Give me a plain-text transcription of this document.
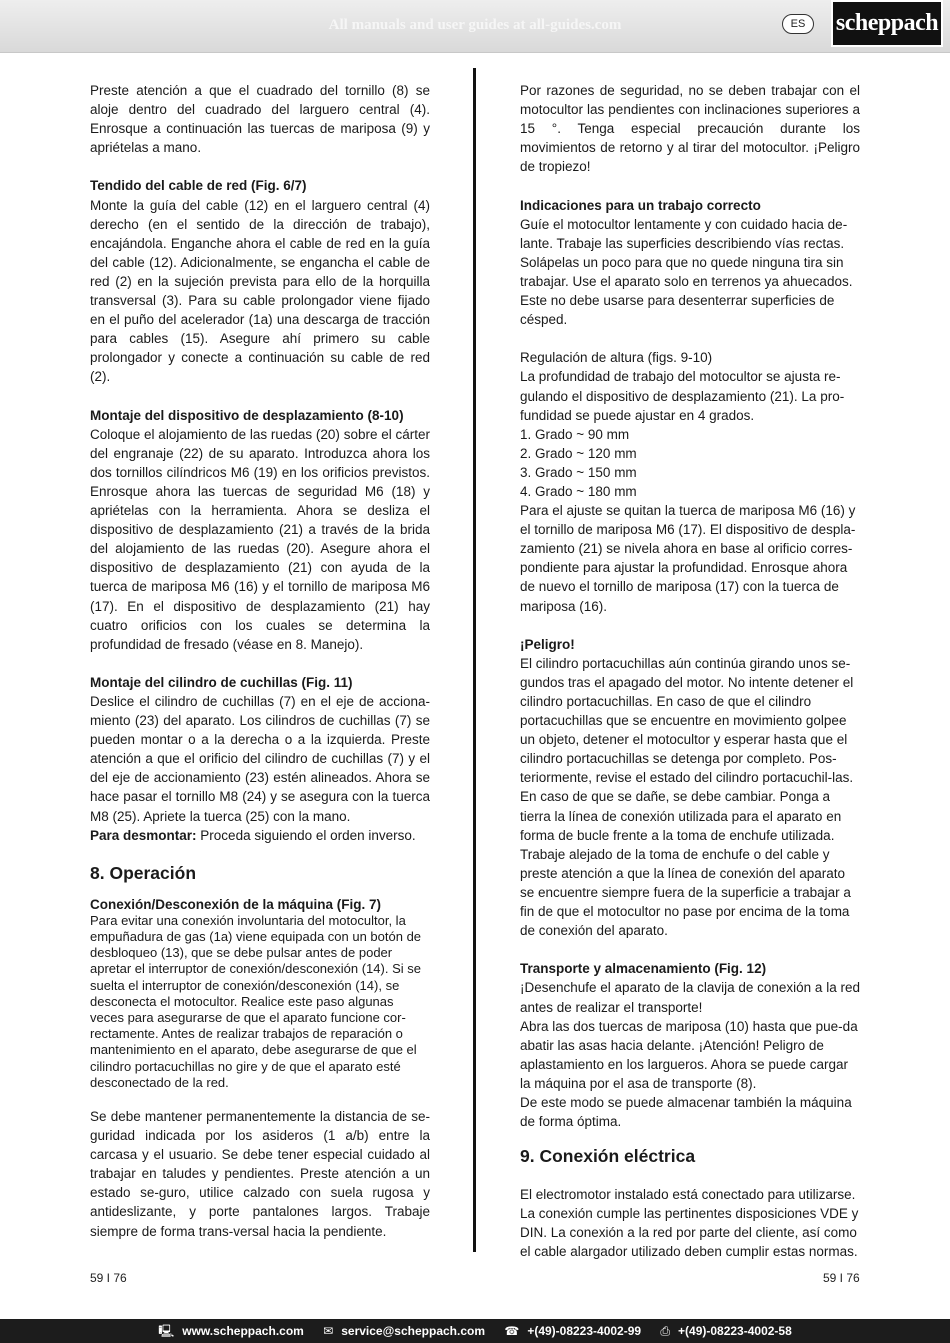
All manuals and user guides at all-guides.com	ES	scheppach

Preste atención a que el cuadrado del tornillo (8) se aloje dentro del cuadrado del larguero central (4). Enrosque a continuación las tuercas de mariposa (9) y apriételas a mano.

Tendido del cable de red (Fig. 6/7)

Monte la guía del cable (12) en el larguero central (4) derecho (en el sentido de la dirección de trabajo), encajándola. Enganche ahora el cable de red en la guía del cable (12). Adicionalmente, se engancha el cable de red (2) en la sujeción prevista para ello de la horquilla transversal (3). Para su cable prolongador viene fijado en el puño del acelerador (1a) una descarga de tracción para cables (15). Asegure ahí primero su cable prolongador y conecte a continuación su cable de red (2).

Montaje del dispositivo de desplazamiento (8-10)

Coloque el alojamiento de las ruedas (20) sobre el cárter del engranaje (22) de su aparato. Introduzca ahora los dos tornillos cilíndricos M6 (19) en los orificios previstos. Enrosque ahora las tuercas de seguridad M6 (18) y apriételas con la herramienta. Ahora se desliza el dispositivo de desplazamiento (21) a través de la brida del alojamiento de las ruedas (20). Asegure ahora el dispositivo de desplazamiento (21) con ayuda de la tuerca de mariposa M6 (16) y el tornillo de mariposa M6 (17). En el dispositivo de desplazamiento (21) hay cuatro orificios con los cuales se determina la profundidad de fresado (véase en 8. Manejo).

Montaje del cilindro de cuchillas (Fig. 11)

Deslice el cilindro de cuchillas (7) en el eje de acciona-miento (23) del aparato. Los cilindros de cuchillas (7) se pueden montar o a la derecha o a la izquierda. Preste atención a que el orificio del cilindro de cuchillas (7) y el del eje de accionamiento (23) estén alineados. Ahora se hace pasar el tornillo M8 (24) y se asegura con la tuerca M8 (25). Apriete la tuerca (25) con la mano.

Para desmontar: Proceda siguiendo el orden inverso.

8. Operación

Conexión/Desconexión de la máquina (Fig. 7)

Para evitar una conexión involuntaria del motocultor, la empuñadura de gas (1a) viene equipada con un botón de desbloqueo (13), que se debe pulsar antes de poder apretar el interruptor de conexión/desconexión (14). Si se suelta el interruptor de conexión/desconexión (14), se desconecta el motocultor. Realice este paso algunas veces para asegurarse de que el aparato funcione cor-rectamente. Antes de realizar trabajos de reparación o mantenimiento en el aparato, debe asegurarse de que el cilindro portacuchillas no gire y de que el aparato esté desconectado de la red.

Se debe mantener permanentemente la distancia de se-guridad indicada por los asideros (1 a/b) entre la carcasa y el usuario. Se debe tener especial cuidado al trabajar en taludes y pendientes. Preste atención a un estado se-guro, utilice calzado con suela rugosa y antideslizante, y porte pantalones largos. Trabaje siempre de forma trans-versal hacia la pendiente.

Por razones de seguridad, no se deben trabajar con el motocultor las pendientes con inclinaciones superiores a 15 °. Tenga especial precaución durante los movimientos de retorno y al tirar del motocultor. ¡Peligro de tropiezo!

Indicaciones para un trabajo correcto

Guíe el motocultor lentamente y con cuidado hacia de-lante. Trabaje las superficies describiendo vías rectas. Solápelas un poco para que no quede ninguna tira sin trabajar. Use el aparato solo en terrenos ya ahuecados. Este no debe usarse para desenterrar superficies de césped.

Regulación de altura (figs. 9-10)

La profundidad de trabajo del motocultor se ajusta re-gulando el dispositivo de desplazamiento (21). La pro-fundidad se puede ajustar en 4 grados.

1. Grado ~ 90 mm

2. Grado ~ 120 mm

3. Grado ~ 150 mm

4. Grado ~ 180 mm

Para el ajuste se quitan la tuerca de mariposa M6 (16) y el tornillo de mariposa M6 (17). El dispositivo de despla-zamiento (21) se nivela ahora en base al orificio corres-pondiente para ajustar la profundidad. Enrosque ahora de nuevo el tornillo de mariposa (17) con la tuerca de mariposa (16).

¡Peligro!

El cilindro portacuchillas aún continúa girando unos se-gundos tras el apagado del motor. No intente detener el cilindro portacuchillas. En caso de que el cilindro portacuchillas que se encuentre en movimiento golpee un objeto, detener el motocultor y esperar hasta que el cilindro portacuchillas se detenga por completo. Pos-teriormente, revise el estado del cilindro portacuchil-las. En caso de que se dañe, se debe cambiar. Ponga a tierra la línea de conexión utilizada para el aparato en forma de bucle frente a la toma de enchufe utilizada. Trabaje alejado de la toma de enchufe o del cable y preste atención a que la línea de conexión del aparato se encuentre siempre fuera de la superficie a trabajar a fin de que el motocultor no pase por encima de la toma de conexión del aparato.

Transporte y almacenamiento (Fig. 12)

¡Desenchufe el aparato de la clavija de conexión a la red antes de realizar el transporte!

Abra las dos tuercas de mariposa (10) hasta que pue-da abatir las asas hacia delante. ¡Atención! Peligro de aplastamiento en los largueros. Ahora se puede cargar la máquina por el asa de transporte (8).

De este modo se puede almacenar también la máquina de forma óptima.

9. Conexión eléctrica

El electromotor instalado está conectado para utilizarse. La conexión cumple las pertinentes disposiciones VDE y DIN. La conexión a la red por parte del cliente, así como el cable alargador utilizado deben cumplir estas normas.

59 I 76	59 I 76
🖳 www.scheppach.com ✉ service@scheppach.com ☎ +(49)-08223-4002-99 ⎙ +(49)-08223-4002-58
